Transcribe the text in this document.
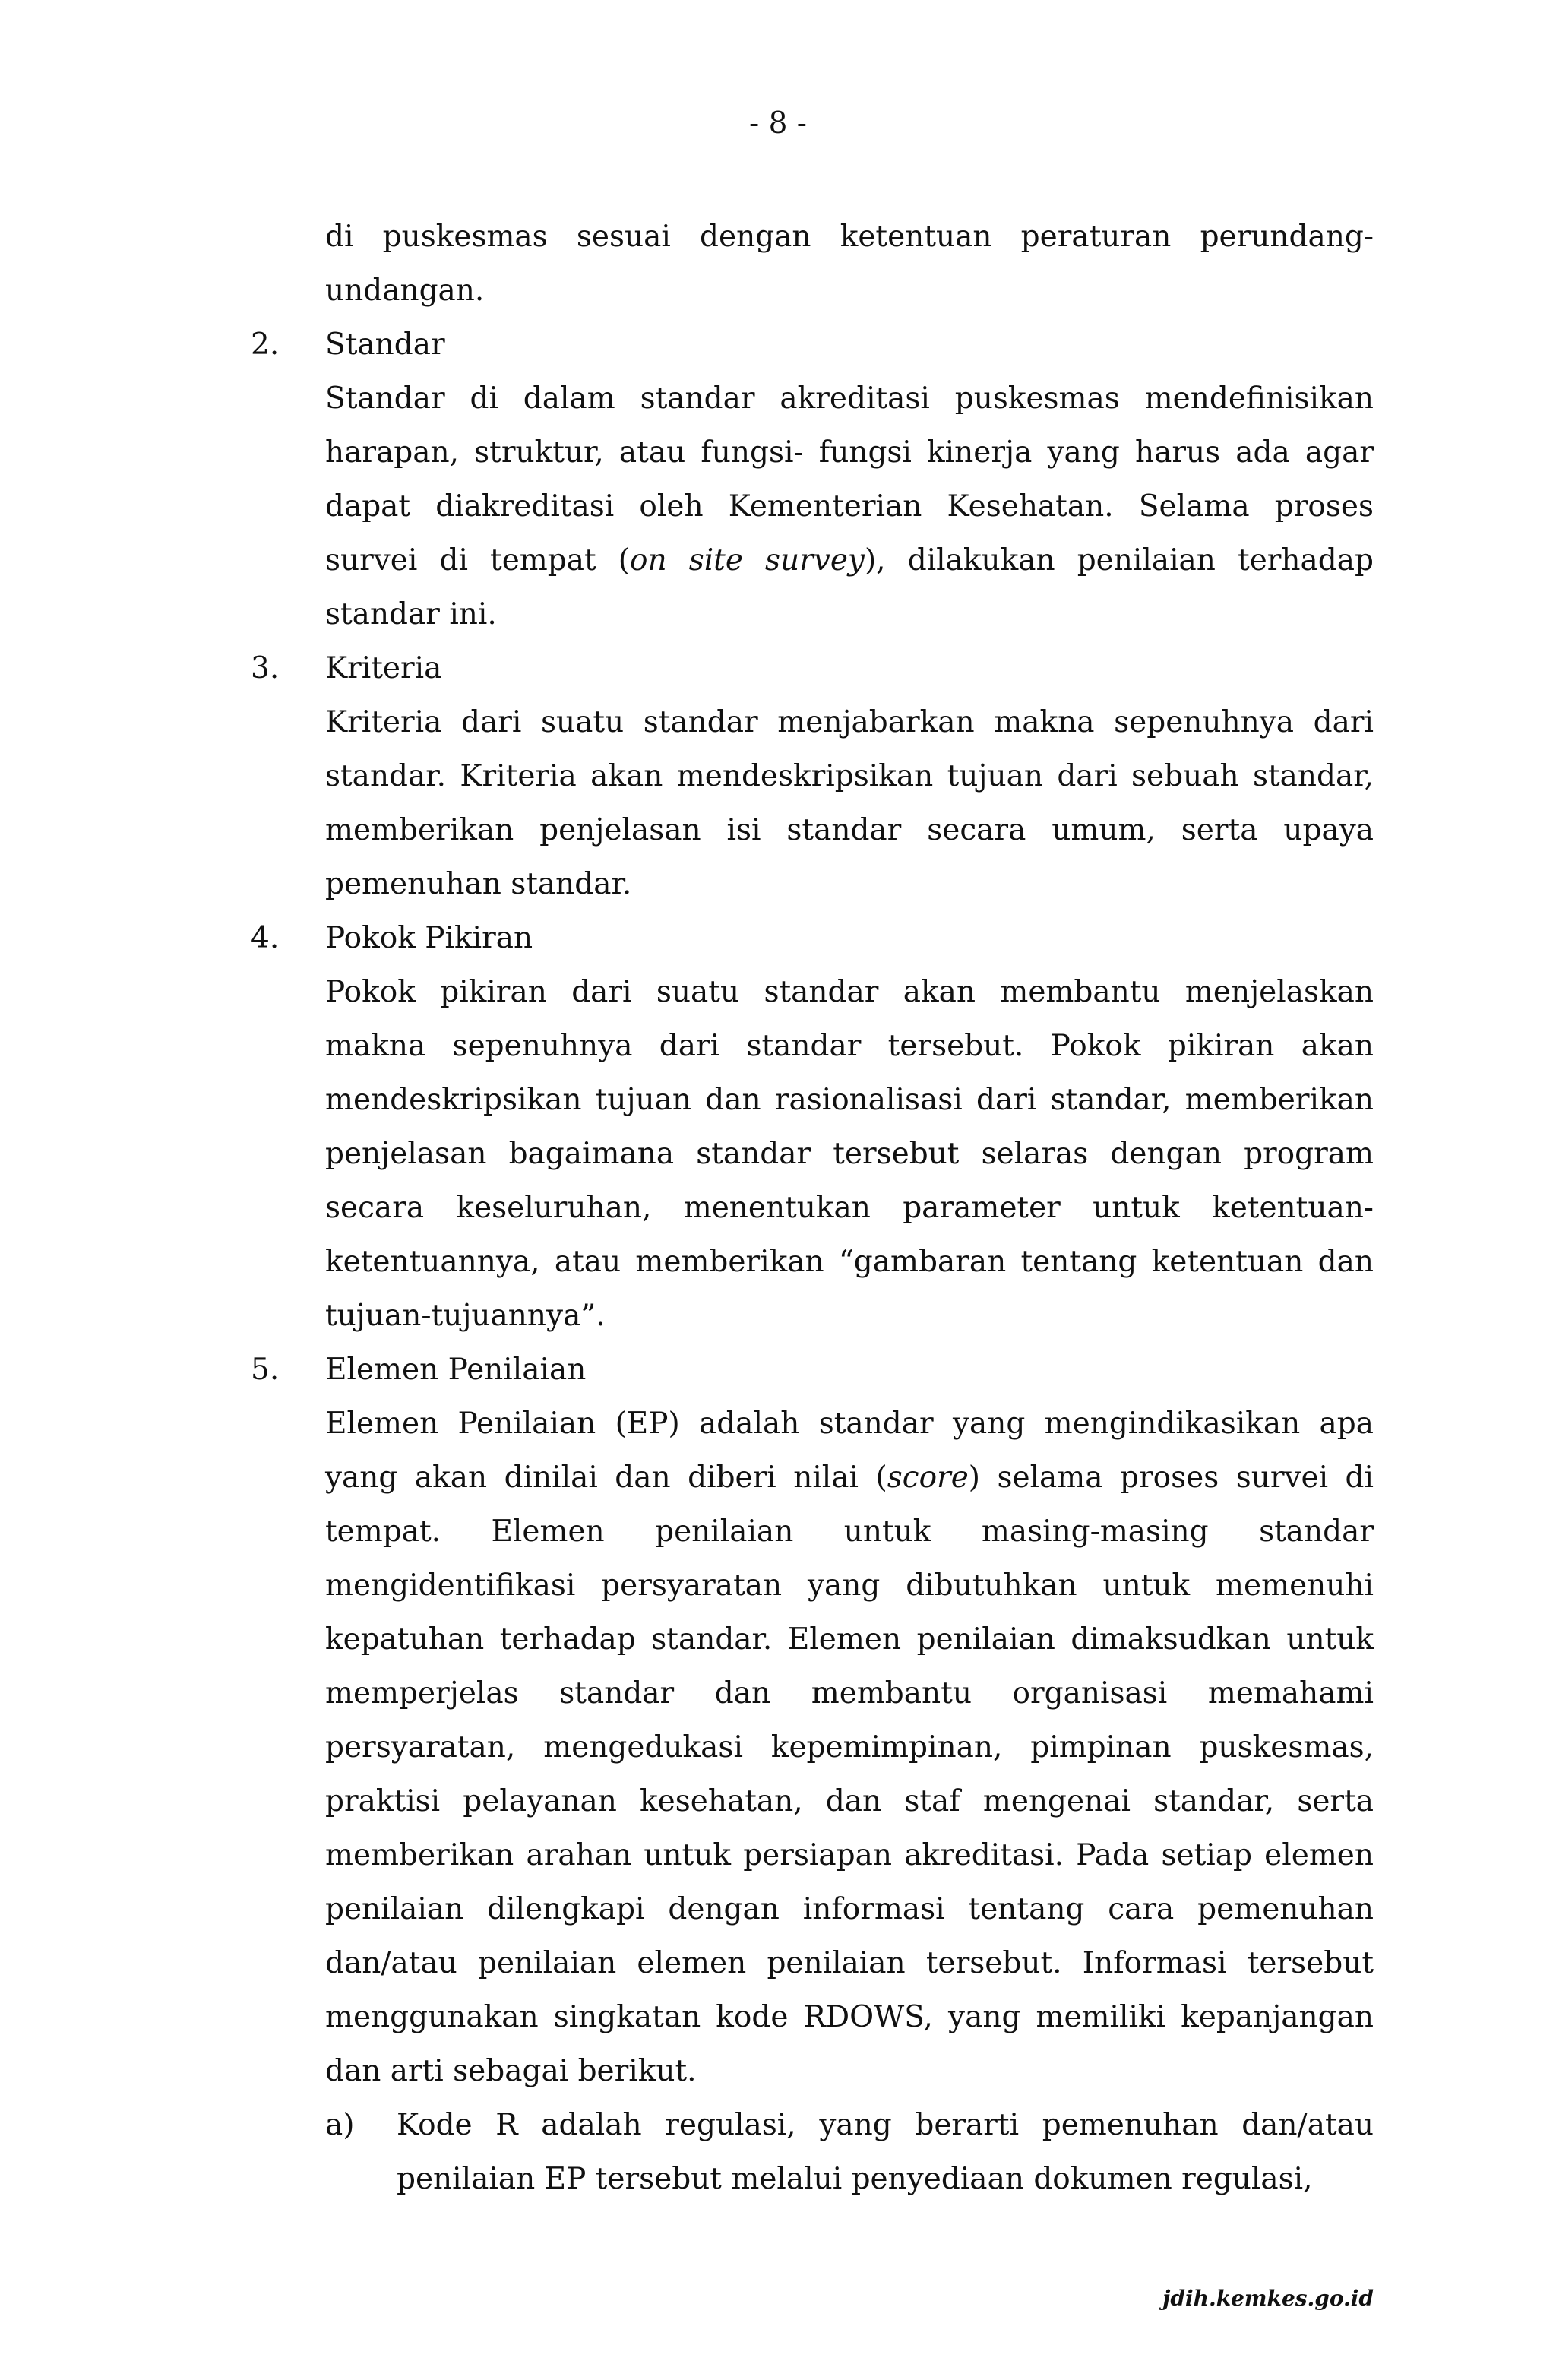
- 8 -

di puskesmas sesuai dengan ketentuan peraturan perundang-undangan.

2. Standar

Standar di dalam standar akreditasi puskesmas mendefinisikan harapan, struktur, atau fungsi- fungsi kinerja yang harus ada agar dapat diakreditasi oleh Kementerian Kesehatan. Selama proses survei di tempat (on site survey), dilakukan penilaian terhadap standar ini.

3. Kriteria

Kriteria dari suatu standar menjabarkan makna sepenuhnya dari standar. Kriteria akan mendeskripsikan tujuan dari sebuah standar, memberikan penjelasan isi standar secara umum, serta upaya pemenuhan standar.

4. Pokok Pikiran

Pokok pikiran dari suatu standar akan membantu menjelaskan makna sepenuhnya dari standar tersebut. Pokok pikiran akan mendeskripsikan tujuan dan rasionalisasi dari standar, memberikan penjelasan bagaimana standar tersebut selaras dengan program secara keseluruhan, menentukan parameter untuk ketentuan-ketentuannya, atau memberikan “gambaran tentang ketentuan dan tujuan-tujuannya”.

5. Elemen Penilaian

Elemen Penilaian (EP) adalah standar yang mengindikasikan apa yang akan dinilai dan diberi nilai (score) selama proses survei di tempat. Elemen penilaian untuk masing-masing standar mengidentifikasi persyaratan yang dibutuhkan untuk memenuhi kepatuhan terhadap standar. Elemen penilaian dimaksudkan untuk memperjelas standar dan membantu organisasi memahami persyaratan, mengedukasi kepemimpinan, pimpinan puskesmas, praktisi pelayanan kesehatan, dan staf mengenai standar, serta memberikan arahan untuk persiapan akreditasi. Pada setiap elemen penilaian dilengkapi dengan informasi tentang cara pemenuhan dan/atau penilaian elemen penilaian tersebut. Informasi tersebut menggunakan singkatan kode RDOWS, yang memiliki kepanjangan dan arti sebagai berikut.

a) Kode R adalah regulasi, yang berarti pemenuhan dan/atau penilaian EP tersebut melalui penyediaan dokumen regulasi,

jdih.kemkes.go.id
